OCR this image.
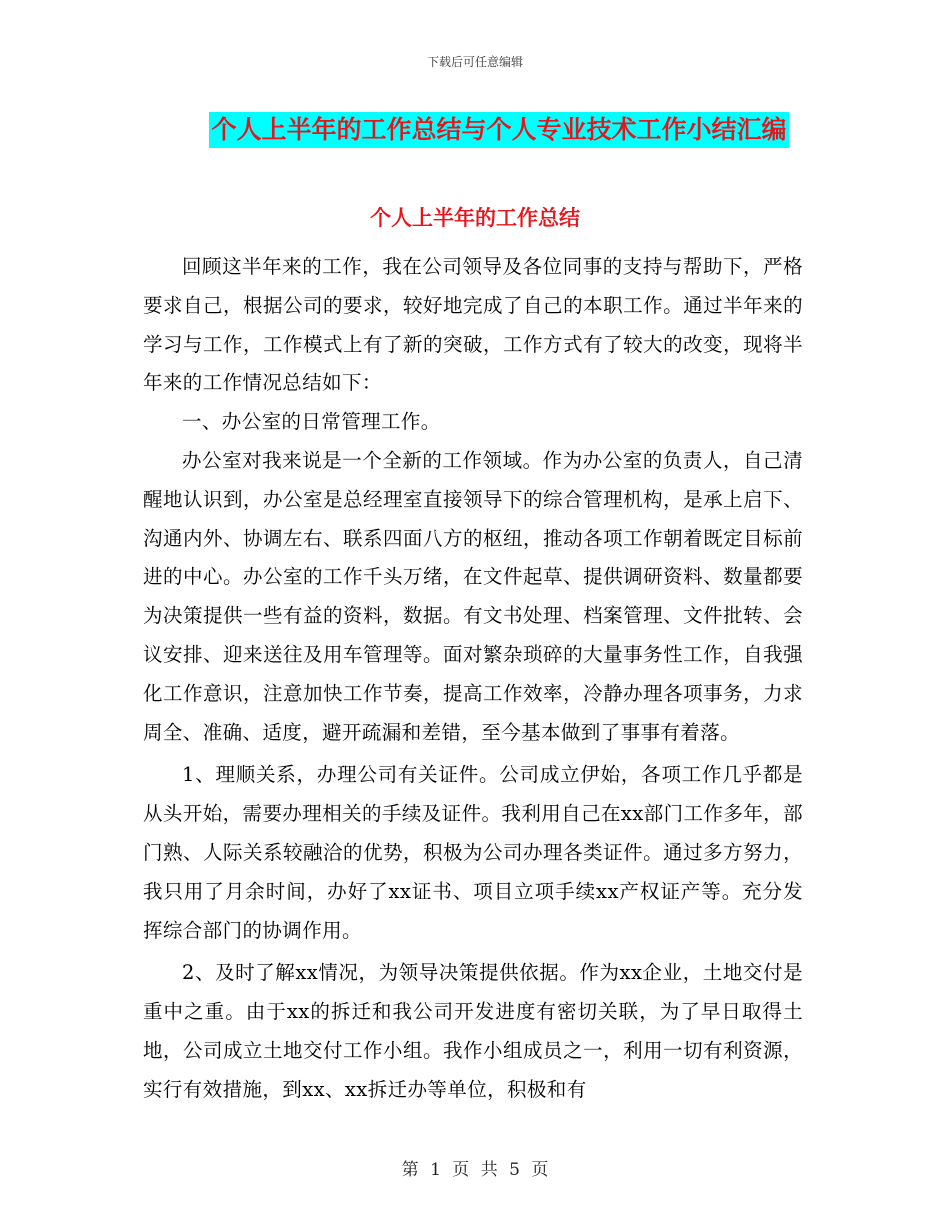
下载后可任意编辑
个人上半年的工作总结与个人专业技术工作小结汇编
个人上半年的工作总结

回顾这半年来的工作，我在公司领导及各位同事的支持与帮助下，严格要求自己，根据公司的要求，较好地完成了自己的本职工作。通过半年来的学习与工作，工作模式上有了新的突破，工作方式有了较大的改变，现将半年来的工作情况总结如下：

一、办公室的日常管理工作。

办公室对我来说是一个全新的工作领域。作为办公室的负责人，自己清醒地认识到，办公室是总经理室直接领导下的综合管理机构，是承上启下、沟通内外、协调左右、联系四面八方的枢纽，推动各项工作朝着既定目标前进的中心。办公室的工作千头万绪，在文件起草、提供调研资料、数量都要为决策提供一些有益的资料，数据。有文书处理、档案管理、文件批转、会议安排、迎来送往及用车管理等。面对繁杂琐碎的大量事务性工作，自我强化工作意识，注意加快工作节奏，提高工作效率，冷静办理各项事务，力求周全、准确、适度，避开疏漏和差错，至今基本做到了事事有着落。

1、理顺关系，办理公司有关证件。公司成立伊始，各项工作几乎都是从头开始，需要办理相关的手续及证件。我利用自己在xx部门工作多年，部门熟、人际关系较融洽的优势，积极为公司办理各类证件。通过多方努力，我只用了月余时间，办好了xx证书、项目立项手续xx产权证产等。充分发挥综合部门的协调作用。

2、及时了解xx情况，为领导决策提供依据。作为xx企业，土地交付是重中之重。由于xx的拆迁和我公司开发进度有密切关联，为了早日取得土地，公司成立土地交付工作小组。我作小组成员之一，利用一切有利资源，实行有效措施，到xx、xx拆迁办等单位，积极和有

第 1 页 共 5 页
